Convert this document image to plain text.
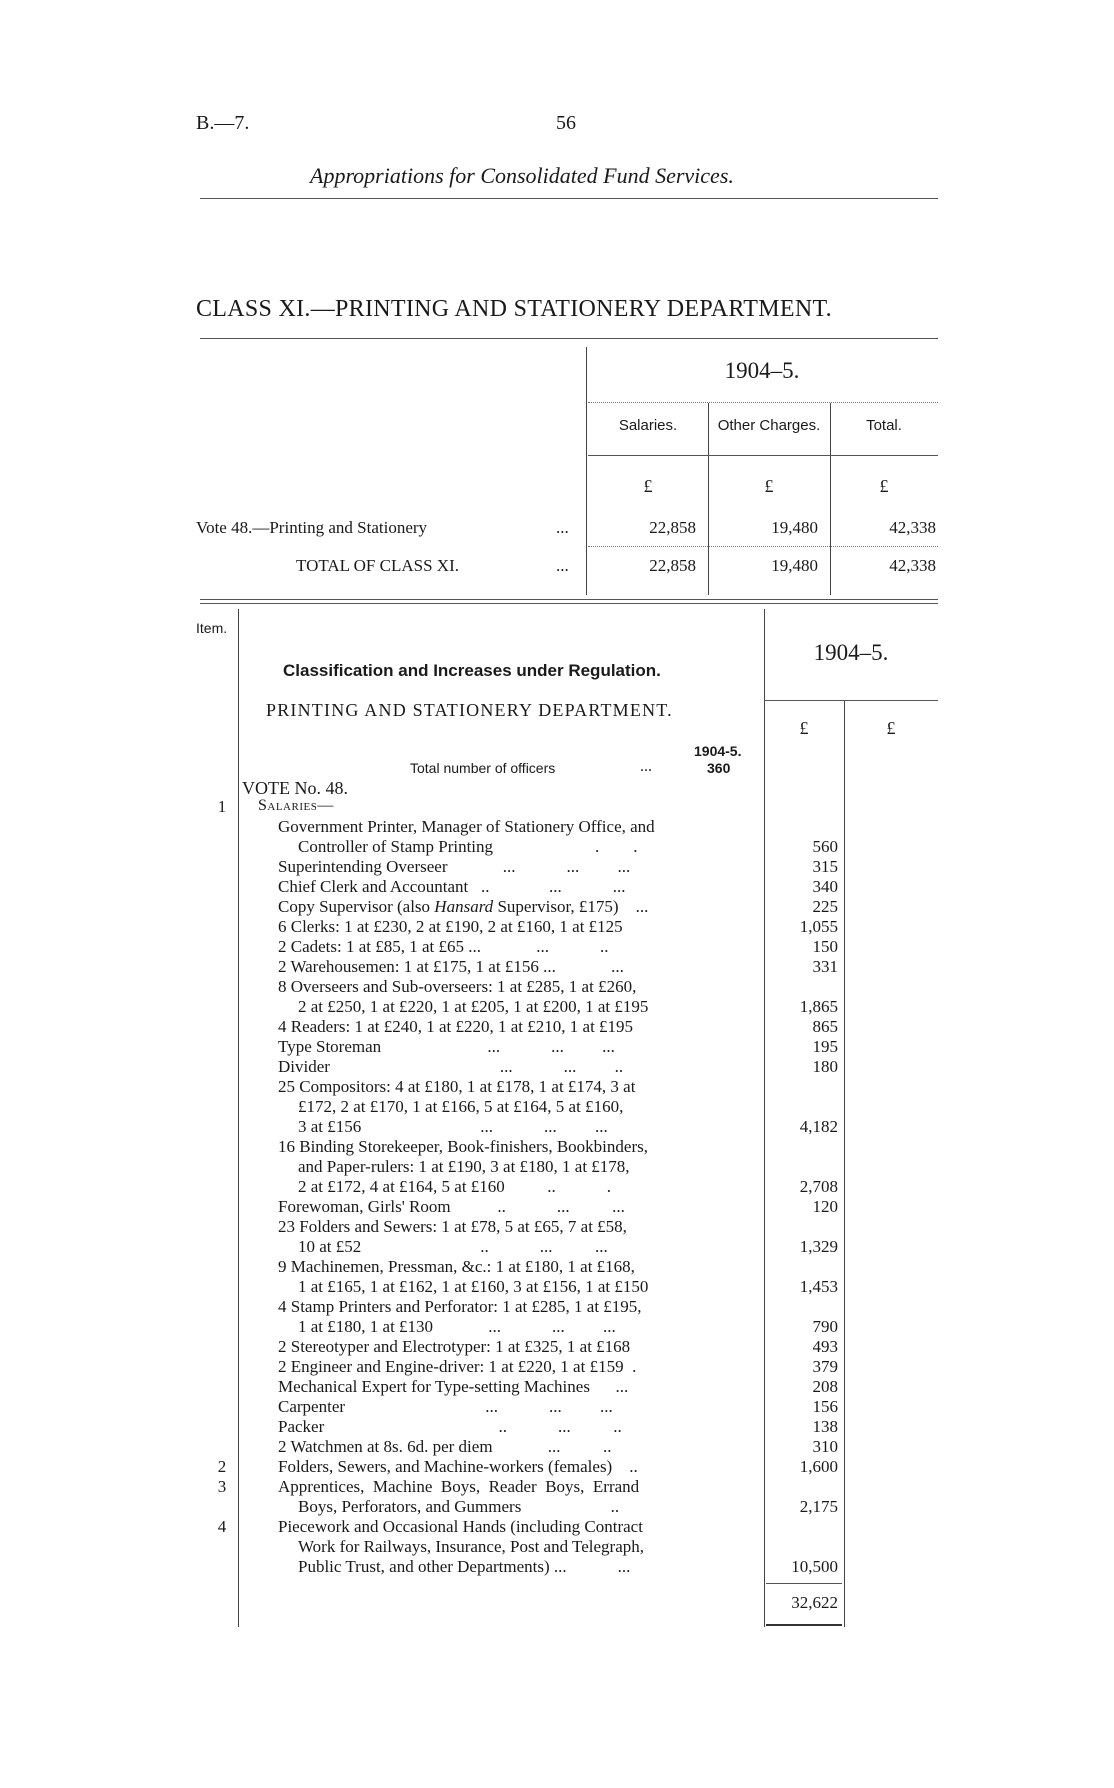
B.—7.	56
Appropriations for Consolidated Fund Services.
CLASS XI.—PRINTING AND STATIONERY DEPARTMENT.
1904–5.
Salaries.	Other Charges.	Total.
£	£	£
Vote 48.—Printing and Stationery	...	22,858	19,480	42,338
TOTAL OF CLASS XI.	...	22,858	19,480	42,338
Item.
1904–5.
Classification and Increases under Regulation.
PRINTING AND STATIONERY DEPARTMENT.
£	£
1904-5.
Total number of officers	...	360
VOTE No. 48.
1	Salaries—
Government Printer, Manager of Stationery Office, and
Controller of Stamp Printing                        .        .	560
Superintending Overseer             ...            ...         ...	315
Chief Clerk and Accountant   ..              ...            ...	340
Copy Supervisor (also Hansard Supervisor, £175)    ...	225
6 Clerks: 1 at £230, 2 at £190, 2 at £160, 1 at £125	1,055
2 Cadets: 1 at £85, 1 at £65 ...             ...            ..	150
2 Warehousemen: 1 at £175, 1 at £156 ...             ...	331
8 Overseers and Sub-overseers: 1 at £285, 1 at £260,
2 at £250, 1 at £220, 1 at £205, 1 at £200, 1 at £195	1,865
4 Readers: 1 at £240, 1 at £220, 1 at £210, 1 at £195	865
Type Storeman                         ...            ...         ...	195
Divider                                        ...            ...         ..	180
25 Compositors: 4 at £180, 1 at £178, 1 at £174, 3 at
£172, 2 at £170, 1 at £166, 5 at £164, 5 at £160,
3 at £156                            ...            ...         ...	4,182
16 Binding Storekeeper, Book-finishers, Bookbinders,
and Paper-rulers: 1 at £190, 3 at £180, 1 at £178,
2 at £172, 4 at £164, 5 at £160          ..            .	2,708
Forewoman, Girls' Room           ..            ...          ...	120
23 Folders and Sewers: 1 at £78, 5 at £65, 7 at £58,
10 at £52                            ..            ...          ...	1,329
9 Machinemen, Pressman, &c.: 1 at £180, 1 at £168,
1 at £165, 1 at £162, 1 at £160, 3 at £156, 1 at £150	1,453
4 Stamp Printers and Perforator: 1 at £285, 1 at £195,
1 at £180, 1 at £130             ...            ...         ...	790
2 Stereotyper and Electrotyper: 1 at £325, 1 at £168	493
2 Engineer and Engine-driver: 1 at £220, 1 at £159  .	379
Mechanical Expert for Type-setting Machines      ...	208
Carpenter                                 ...            ...         ...	156
Packer                                         ..            ...          ..	138
2 Watchmen at 8s. 6d. per diem             ...          ..	310
2	Folders, Sewers, and Machine-workers (females)    ..	1,600
3	Apprentices,  Machine  Boys,  Reader  Boys,  Errand
Boys, Perforators, and Gummers                     ..	2,175
4	Piecework and Occasional Hands (including Contract
Work for Railways, Insurance, Post and Telegraph,
Public Trust, and other Departments) ...            ...	10,500
32,622
